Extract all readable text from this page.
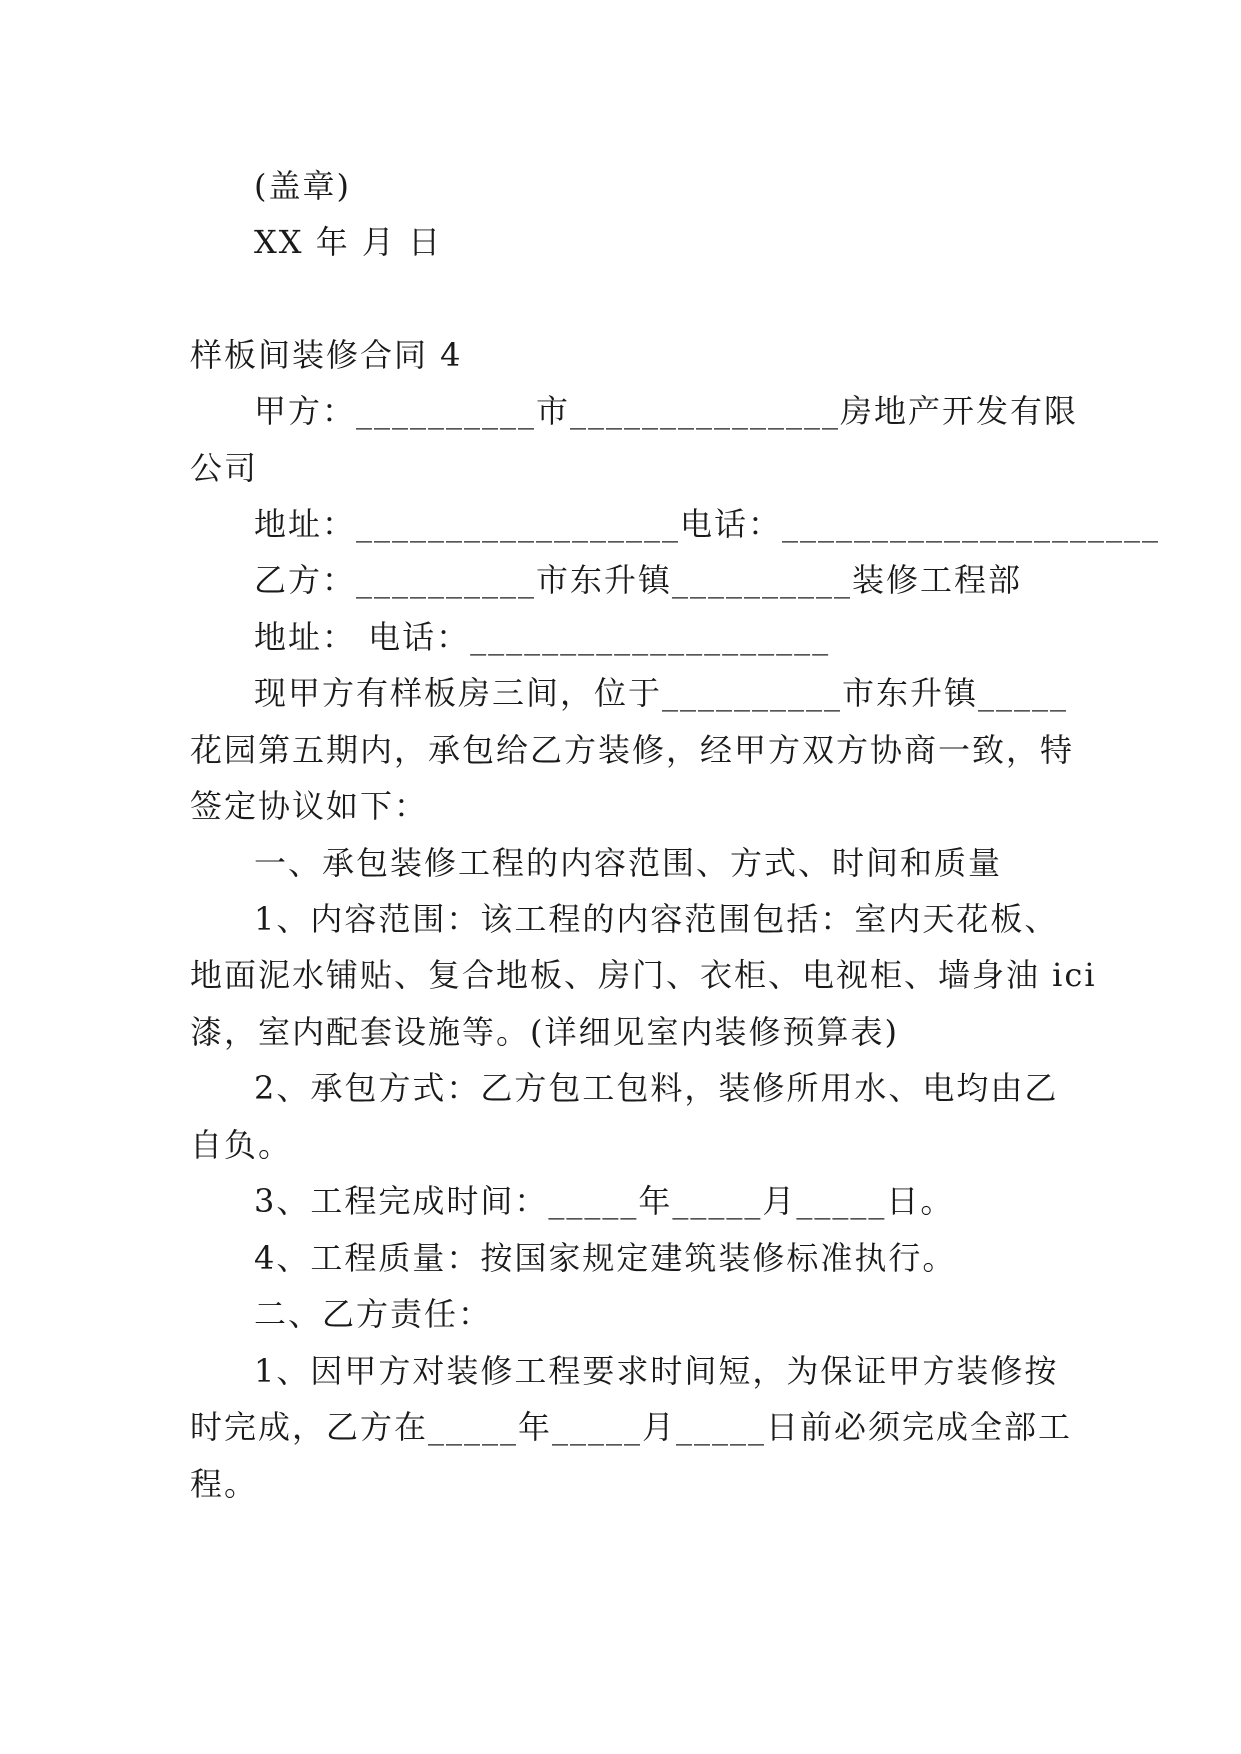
(盖章)
XX 年 月 日
样板间装修合同 4
甲方：__________市_______________房地产开发有限
公司
地址：__________________电话：_____________________
乙方：__________市东升镇__________装修工程部
地址： 电话：____________________
现甲方有样板房三间，位于__________市东升镇_____
花园第五期内，承包给乙方装修，经甲方双方协商一致，特
签定协议如下：
一、承包装修工程的内容范围、方式、时间和质量
1、内容范围：该工程的内容范围包括：室内天花板、
地面泥水铺贴、复合地板、房门、衣柜、电视柜、墙身油 ici
漆，室内配套设施等。(详细见室内装修预算表)
2、承包方式：乙方包工包料，装修所用水、电均由乙
自负。
3、工程完成时间：_____年_____月_____日。
4、工程质量：按国家规定建筑装修标准执行。
二、乙方责任：
1、因甲方对装修工程要求时间短，为保证甲方装修按
时完成，乙方在_____年_____月_____日前必须完成全部工
程。
